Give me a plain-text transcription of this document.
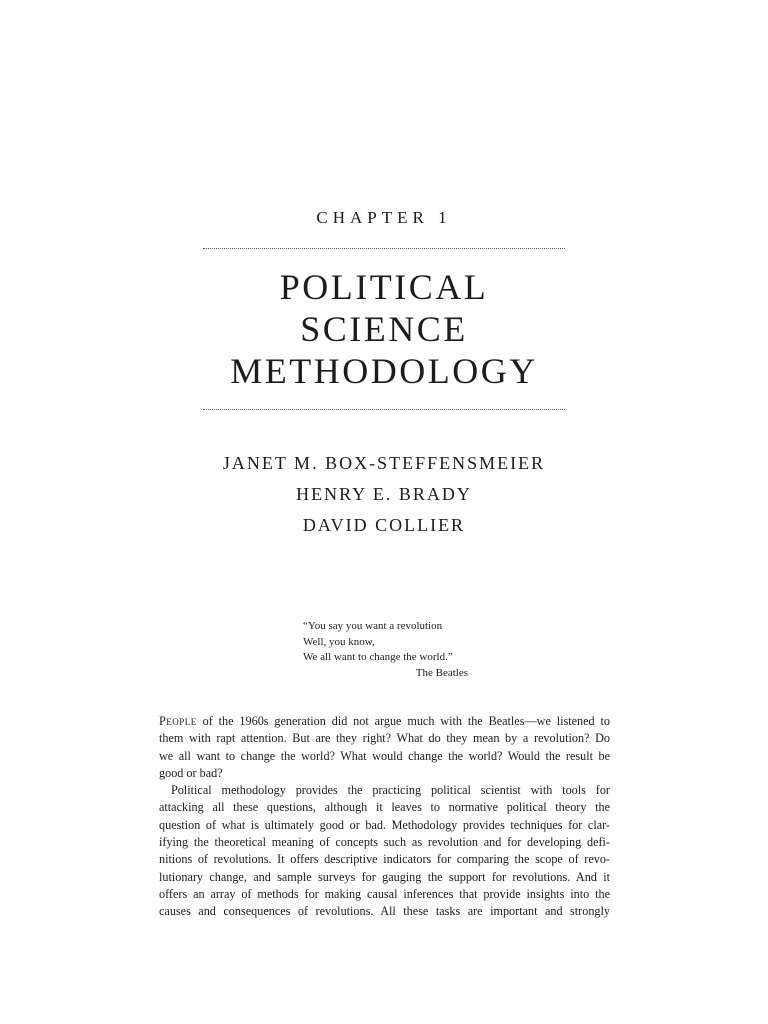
CHAPTER 1
POLITICAL
SCIENCE
METHODOLOGY
JANET M. BOX-STEFFENSMEIER
HENRY E. BRADY
DAVID COLLIER
“You say you want a revolution
Well, you know,
We all want to change the world.”
The Beatles
People of the 1960s generation did not argue much with the Beatles—we listened to
them with rapt attention. But are they right? What do they mean by a revolution? Do
we all want to change the world? What would change the world? Would the result be
good or bad?
Political methodology provides the practicing political scientist with tools for
attacking all these questions, although it leaves to normative political theory the
question of what is ultimately good or bad. Methodology provides techniques for clar-
ifying the theoretical meaning of concepts such as revolution and for developing defi-
nitions of revolutions. It offers descriptive indicators for comparing the scope of revo-
lutionary change, and sample surveys for gauging the support for revolutions. And it
offers an array of methods for making causal inferences that provide insights into the
causes and consequences of revolutions. All these tasks are important and strongly
